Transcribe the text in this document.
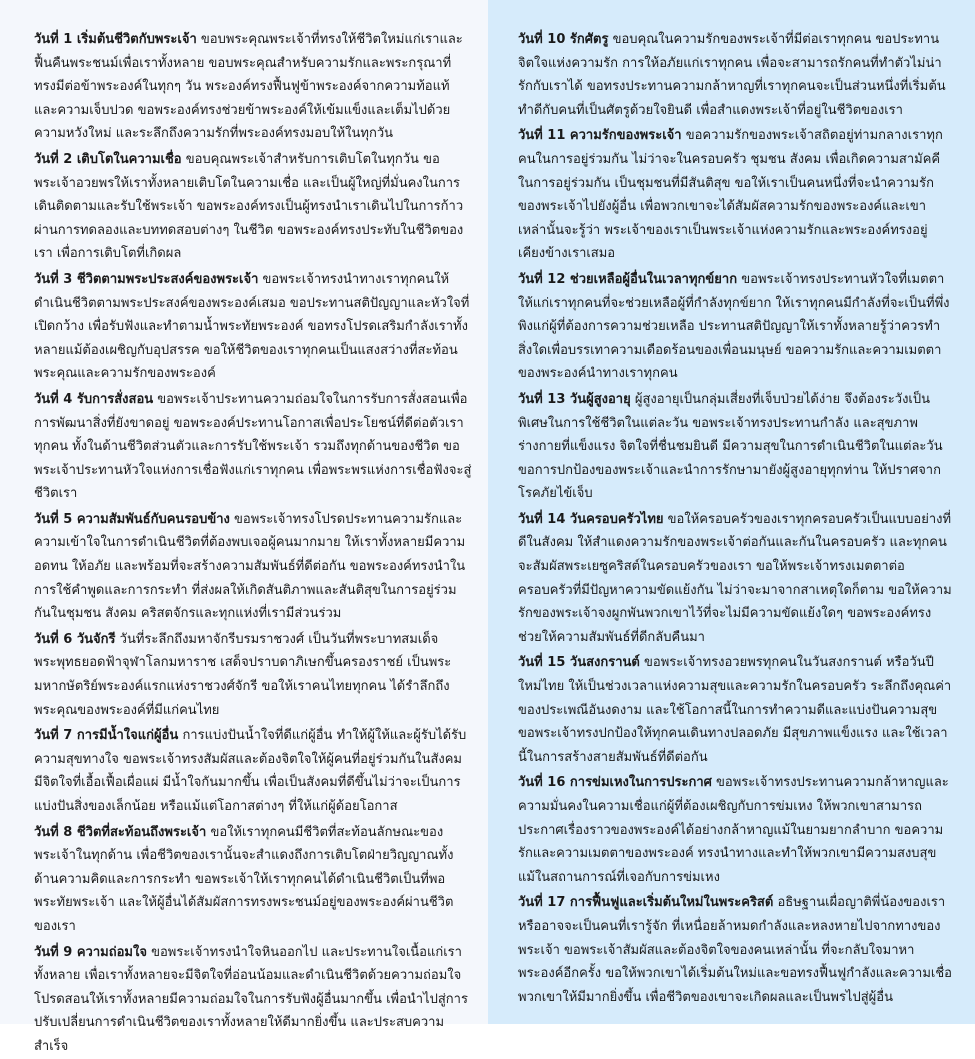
วันที่ 1 เริ่มต้นชีวิตกับพระเจ้า ขอบพระคุณพระเจ้าที่ทรงให้ชีวิตใหม่แก่เราและฟื้นคืนพระชนม์เพื่อเราทั้งหลาย ขอบพระคุณสำหรับความรักและพระกรุณาที่ทรงมีต่อข้าพระองค์ในทุกๆ วัน พระองค์ทรงฟื้นฟูข้าพระองค์จากความท้อแท้และความเจ็บปวด ขอพระองค์ทรงช่วยข้าพระองค์ให้เข้มแข็งและเต็มไปด้วยความหวังใหม่ และระลึกถึงความรักที่พระองค์ทรงมอบให้ในทุกวัน

วันที่ 2 เติบโตในความเชื่อ ขอบคุณพระเจ้าสำหรับการเติบโตในทุกวัน ขอพระเจ้าอวยพรให้เราทั้งหลายเติบโตในความเชื่อ และเป็นผู้ใหญ่ที่มั่นคงในการเดินติดตามและรับใช้พระเจ้า ขอพระองค์ทรงเป็นผู้ทรงนำเราเดินไปในการก้าวผ่านการทดลองและบททดสอบต่างๆ ในชีวิต ขอพระองค์ทรงประทับในชีวิตของเรา เพื่อการเติบโตที่เกิดผล

วันที่ 3 ชีวิตตามพระประสงค์ของพระเจ้า ขอพระเจ้าทรงนำทางเราทุกคนให้ดำเนินชีวิตตามพระประสงค์ของพระองค์เสมอ ขอประทานสติปัญญาและหัวใจที่เปิดกว้าง เพื่อรับฟังและทำตามน้ำพระทัยพระองค์ ขอทรงโปรดเสริมกำลังเราทั้งหลายแม้ต้องเผชิญกับอุปสรรค ขอให้ชีวิตของเราทุกคนเป็นแสงสว่างที่สะท้อนพระคุณและความรักของพระองค์

วันที่ 4 รับการสั่งสอน ขอพระเจ้าประทานความถ่อมใจในการรับการสั่งสอนเพื่อการพัฒนาสิ่งที่ยังขาดอยู่ ขอพระองค์ประทานโอกาสเพื่อประโยชน์ที่ดีต่อตัวเราทุกคน ทั้งในด้านชีวิตส่วนตัวและการรับใช้พระเจ้า รวมถึงทุกด้านของชีวิต ขอพระเจ้าประทานหัวใจแห่งการเชื่อฟังแก่เราทุกคน เพื่อพระพรแห่งการเชื่อฟังจะสู่ชีวิตเรา

วันที่ 5 ความสัมพันธ์กับคนรอบข้าง ขอพระเจ้าทรงโปรดประทานความรักและความเข้าใจในการดำเนินชีวิตที่ต้องพบเจอผู้คนมากมาย ให้เราทั้งหลายมีความอดทน ให้อภัย และพร้อมที่จะสร้างความสัมพันธ์ที่ดีต่อกัน ขอพระองค์ทรงนำในการใช้คำพูดและการกระทำ ที่ส่งผลให้เกิดสันติภาพและสันติสุขในการอยู่ร่วมกันในชุมชน สังคม คริสตจักรและทุกแห่งที่เรามีส่วนร่วม

วันที่ 6 วันจักรี วันที่ระลึกถึงมหาจักรีบรมราชวงศ์ เป็นวันที่พระบาทสมเด็จพระพุทธยอดฟ้าจุฬาโลกมหาราช เสด็จปราบดาภิเษกขึ้นครองราชย์ เป็นพระมหากษัตริย์พระองค์แรกแห่งราชวงศ์จักรี ขอให้เราคนไทยทุกคน ได้รำลึกถึงพระคุณของพระองค์ที่มีแก่คนไทย

วันที่ 7 การมีน้ำใจแก่ผู้อื่น การแบ่งปันน้ำใจที่ดีแก่ผู้อื่น ทำให้ผู้ให้และผู้รับได้รับความสุขทางใจ ขอพระเจ้าทรงสัมผัสและต้องจิตใจให้ผู้คนที่อยู่ร่วมกันในสังคม มีจิตใจที่เอื้อเฟื้อเผื่อแผ่ มีน้ำใจกันมากขึ้น เพื่อเป็นสังคมที่ดีขึ้นไม่ว่าจะเป็นการแบ่งปันสิ่งของเล็กน้อย หรือแม้แต่โอกาสต่างๆ ที่ให้แก่ผู้ด้อยโอกาส

วันที่ 8 ชีวิตที่สะท้อนถึงพระเจ้า ขอให้เราทุกคนมีชีวิตที่สะท้อนลักษณะของพระเจ้าในทุกด้าน เพื่อชีวิตของเรานั้นจะสำแดงถึงการเติบโตฝ่ายวิญญาณทั้งด้านความคิดและการกระทำ ขอพระเจ้าให้เราทุกคนได้ดำเนินชีวิตเป็นที่พอพระทัยพระเจ้า และให้ผู้อื่นได้สัมผัสการทรงพระชนม์อยู่ของพระองค์ผ่านชีวิตของเรา

วันที่ 9 ความถ่อมใจ ขอพระเจ้าทรงนำใจหินออกไป และประทานใจเนื้อแก่เราทั้งหลาย เพื่อเราทั้งหลายจะมีจิตใจที่อ่อนน้อมและดำเนินชีวิตด้วยความถ่อมใจ โปรดสอนให้เราทั้งหลายมีความถ่อมใจในการรับฟังผู้อื่นมากขึ้น เพื่อนำไปสู่การปรับเปลี่ยนการดำเนินชีวิตของเราทั้งหลายให้ดีมากยิ่งขึ้น และประสบความสำเร็จ

วันที่ 10 รักศัตรู ขอบคุณในความรักของพระเจ้าที่มีต่อเราทุกคน ขอประทานจิตใจแห่งความรัก การให้อภัยแก่เราทุกคน เพื่อจะสามารถรักคนที่ทำตัวไม่น่ารักกับเราได้ ขอทรงประทานความกล้าหาญที่เราทุกคนจะเป็นส่วนหนึ่งที่เริ่มต้นทำดีกับคนที่เป็นศัตรูด้วยใจยินดี เพื่อสำแดงพระเจ้าที่อยู่ในชีวิตของเรา

วันที่ 11 ความรักของพระเจ้า ขอความรักของพระเจ้าสถิตอยู่ท่ามกลางเราทุกคนในการอยู่ร่วมกัน ไม่ว่าจะในครอบครัว ชุมชน สังคม เพื่อเกิดความสามัคคีในการอยู่ร่วมกัน เป็นชุมชนที่มีสันติสุข ขอให้เราเป็นคนหนึ่งที่จะนำความรักของพระเจ้าไปยังผู้อื่น เพื่อพวกเขาจะได้สัมผัสความรักของพระองค์และเขาเหล่านั้นจะรู้ว่า พระเจ้าของเราเป็นพระเจ้าแห่งความรักและพระองค์ทรงอยู่เคียงข้างเราเสมอ

วันที่ 12 ช่วยเหลือผู้อื่นในเวลาทุกข์ยาก ขอพระเจ้าทรงประทานหัวใจที่เมตตาให้แก่เราทุกคนที่จะช่วยเหลือผู้ที่กำลังทุกข์ยาก ให้เราทุกคนมีกำลังที่จะเป็นที่พึ่งพิงแก่ผู้ที่ต้องการความช่วยเหลือ ประทานสติปัญญาให้เราทั้งหลายรู้ว่าควรทำสิ่งใดเพื่อบรรเทาความเดือดร้อนของเพื่อนมนุษย์ ขอความรักและความเมตตาของพระองค์นำทางเราทุกคน

วันที่ 13 วันผู้สูงอายุ ผู้สูงอายุเป็นกลุ่มเสี่ยงที่เจ็บป่วยได้ง่าย จึงต้องระวังเป็นพิเศษในการใช้ชีวิตในแต่ละวัน ขอพระเจ้าทรงประทานกำลัง และสุขภาพร่างกายที่แข็งแรง จิตใจที่ชื่นชมยินดี มีความสุขในการดำเนินชีวิตในแต่ละวัน ขอการปกป้องของพระเจ้าและนำการรักษามายังผู้สูงอายุทุกท่าน ให้ปราศจากโรคภัยไข้เจ็บ

วันที่ 14 วันครอบครัวไทย ขอให้ครอบครัวของเราทุกครอบครัวเป็นแบบอย่างที่ดีในสังคม ให้สำแดงความรักของพระเจ้าต่อกันและกันในครอบครัว และทุกคนจะสัมผัสพระเยซูคริสต์ในครอบครัวของเรา ขอให้พระเจ้าทรงเมตตาต่อครอบครัวที่มีปัญหาความขัดแย้งกัน ไม่ว่าจะมาจากสาเหตุใดก็ตาม ขอให้ความรักของพระเจ้าจงผูกพันพวกเขาไว้ที่จะไม่มีความขัดแย้งใดๆ ขอพระองค์ทรงช่วยให้ความสัมพันธ์ที่ดีกลับคืนมา

วันที่ 15 วันสงกรานต์ ขอพระเจ้าทรงอวยพรทุกคนในวันสงกรานต์ หรือวันปีใหม่ไทย ให้เป็นช่วงเวลาแห่งความสุขและความรักในครอบครัว ระลึกถึงคุณค่าของประเพณีอันงดงาม และใช้โอกาสนี้ในการทำความดีและแบ่งปันความสุข ขอพระเจ้าทรงปกป้องให้ทุกคนเดินทางปลอดภัย มีสุขภาพแข็งแรง และใช้เวลานี้ในการสร้างสายสัมพันธ์ที่ดีต่อกัน

วันที่ 16 การข่มเหงในการประกาศ ขอพระเจ้าทรงประทานความกล้าหาญและความมั่นคงในความเชื่อแก่ผู้ที่ต้องเผชิญกับการข่มเหง ให้พวกเขาสามารถประกาศเรื่องราวของพระองค์ได้อย่างกล้าหาญแม้ในยามยากลำบาก ขอความรักและความเมตตาของพระองค์ ทรงนำทางและทำให้พวกเขามีความสงบสุขแม้ในสถานการณ์ที่เจอกับการข่มเหง

วันที่ 17 การฟื้นฟูและเริ่มต้นใหม่ในพระคริสต์ อธิษฐานเผื่อญาติพี่น้องของเราหรืออาจจะเป็นคนที่เรารู้จัก ที่เหนื่อยล้าหมดกำลังและหลงหายไปจากทางของพระเจ้า ขอพระเจ้าสัมผัสและต้องจิตใจของคนเหล่านั้น ที่จะกลับใจมาหาพระองค์อีกครั้ง ขอให้พวกเขาได้เริ่มต้นใหม่และขอทรงฟื้นฟูกำลังและความเชื่อพวกเขาให้มีมากยิ่งขึ้น เพื่อชีวิตของเขาจะเกิดผลและเป็นพรไปสู่ผู้อื่น
